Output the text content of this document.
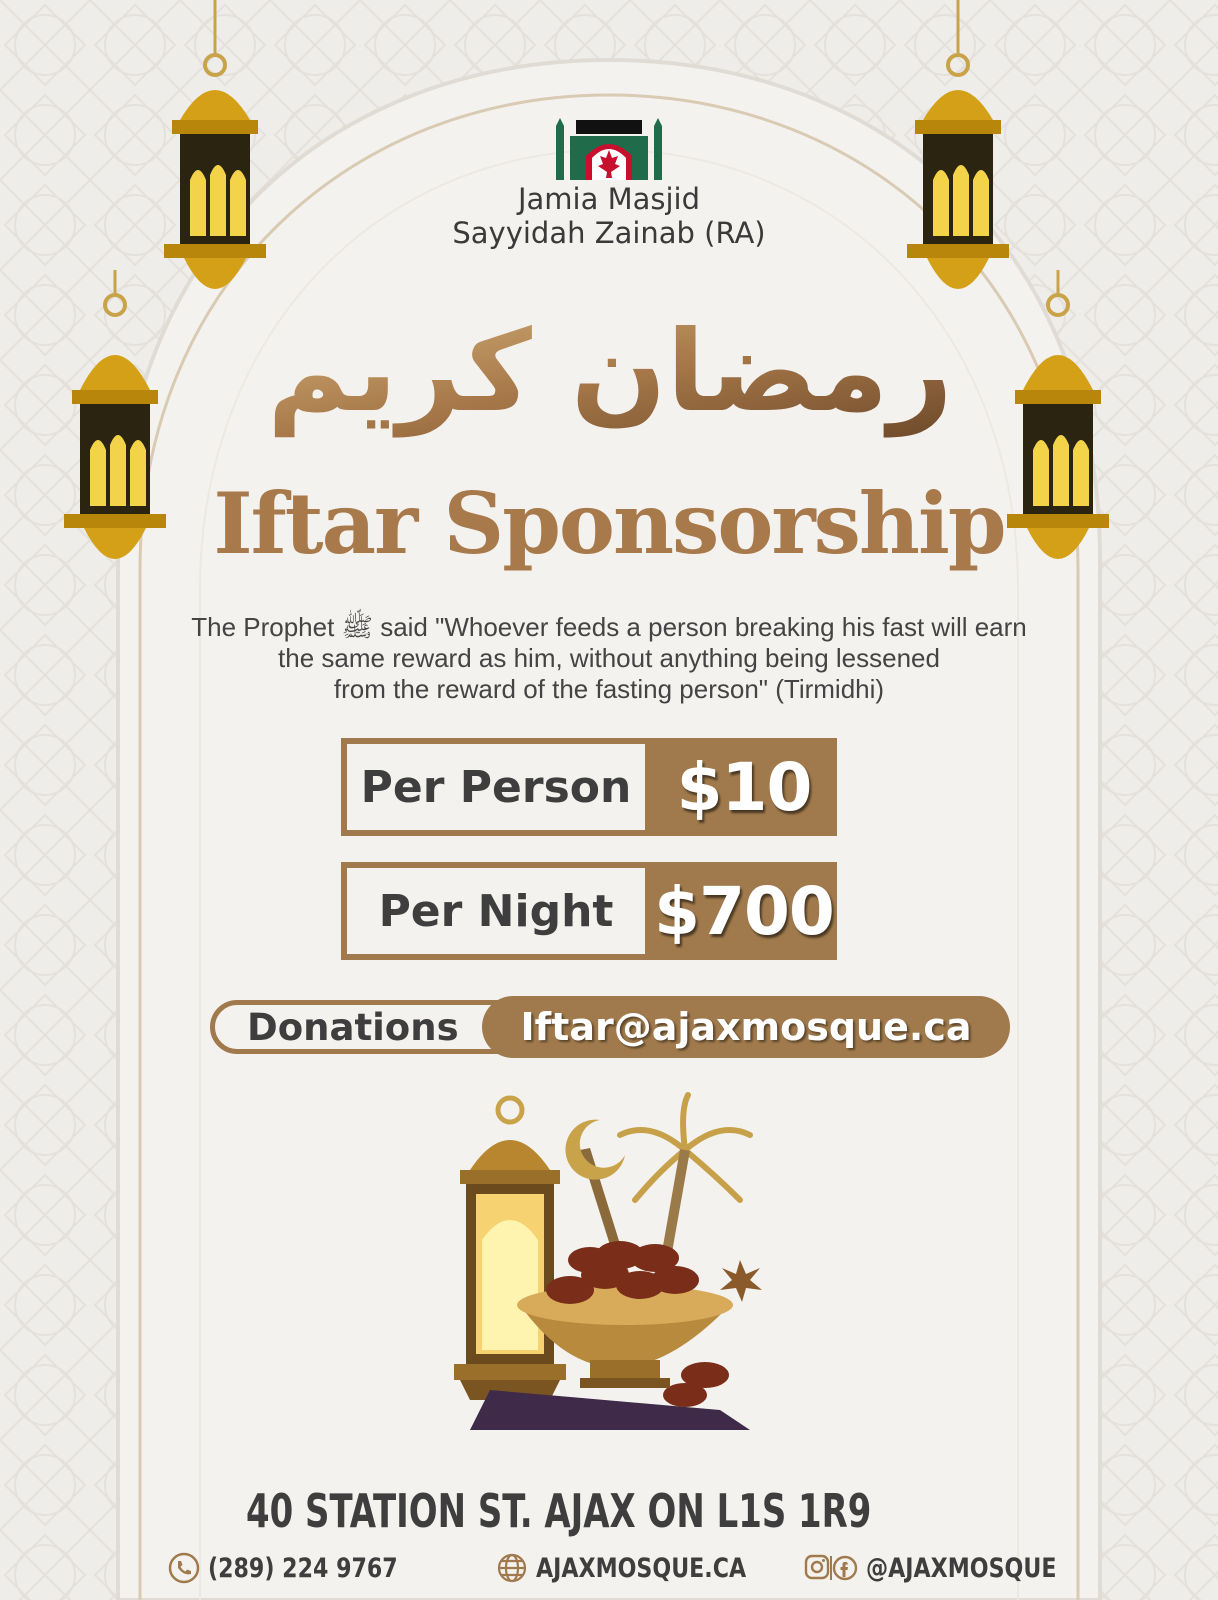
Jamia Masjid
Sayyidah Zainab (RA)
رمضان كريم
Iftar Sponsorship
The Prophet ﷺ said "Whoever feeds a person breaking his fast will earn
the same reward as him, without anything being lessened
from the reward of the fasting person" (Tirmidhi)
Per Person $10
Per Night $700
Donations	Iftar@ajaxmosque.ca
40 STATION ST. AJAX ON L1S 1R9
(289) 224 9767	AJAXMOSQUE.CA	@AJAXMOSQUE
